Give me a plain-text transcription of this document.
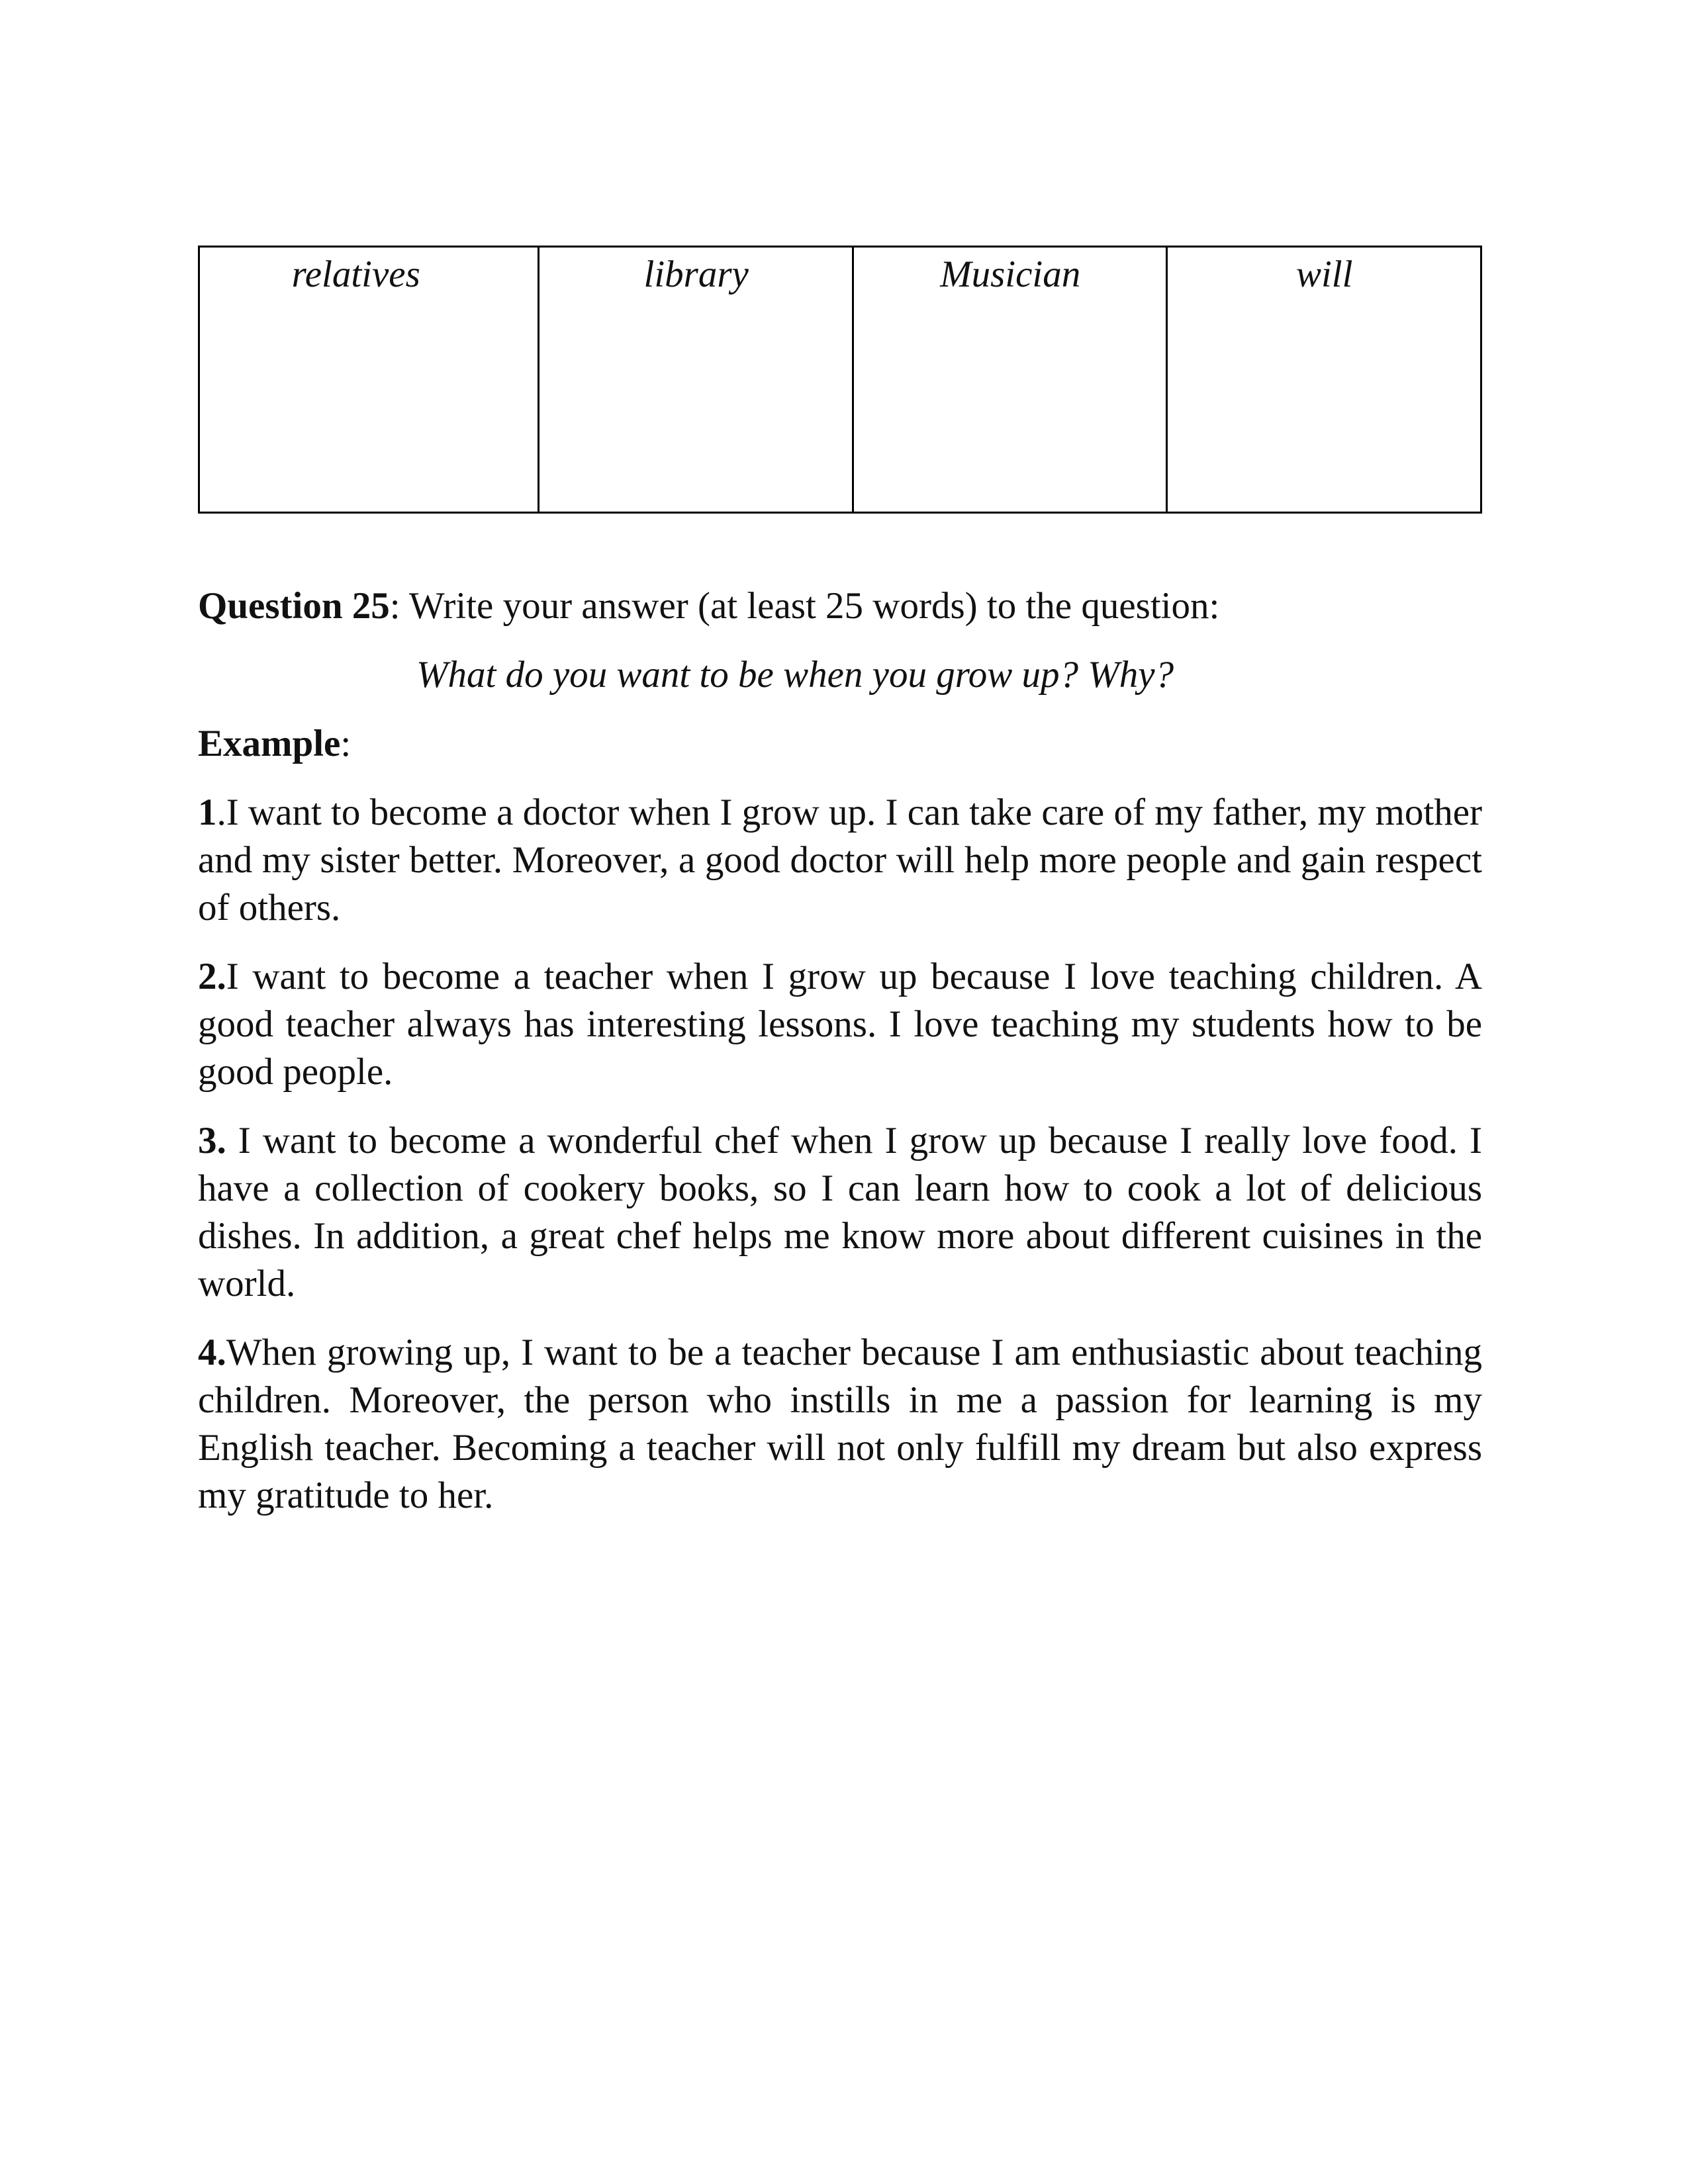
relatives	library	Musician	will

Question 25: Write your answer (at least 25 words) to the question:

What do you want to be when you grow up? Why?

Example:

1.I want to become a doctor when I grow up. I can take care of my father, my mother and my sister better. Moreover, a good doctor will help more people and gain respect of others.

2.I want to become a teacher when I grow up because I love teaching children. A good teacher always has interesting lessons. I love teaching my students how to be good people.

3. I want to become a wonderful chef when I grow up because I really love food. I have a collection of cookery books, so I can learn how to cook a lot of delicious dishes. In addition, a great chef helps me know more about different cuisines in the world.

4.When growing up, I want to be a teacher because I am enthusiastic about teaching children. Moreover, the person who instills in me a passion for learning is my English teacher. Becoming a teacher will not only fulfill my dream but also express my gratitude to her.
